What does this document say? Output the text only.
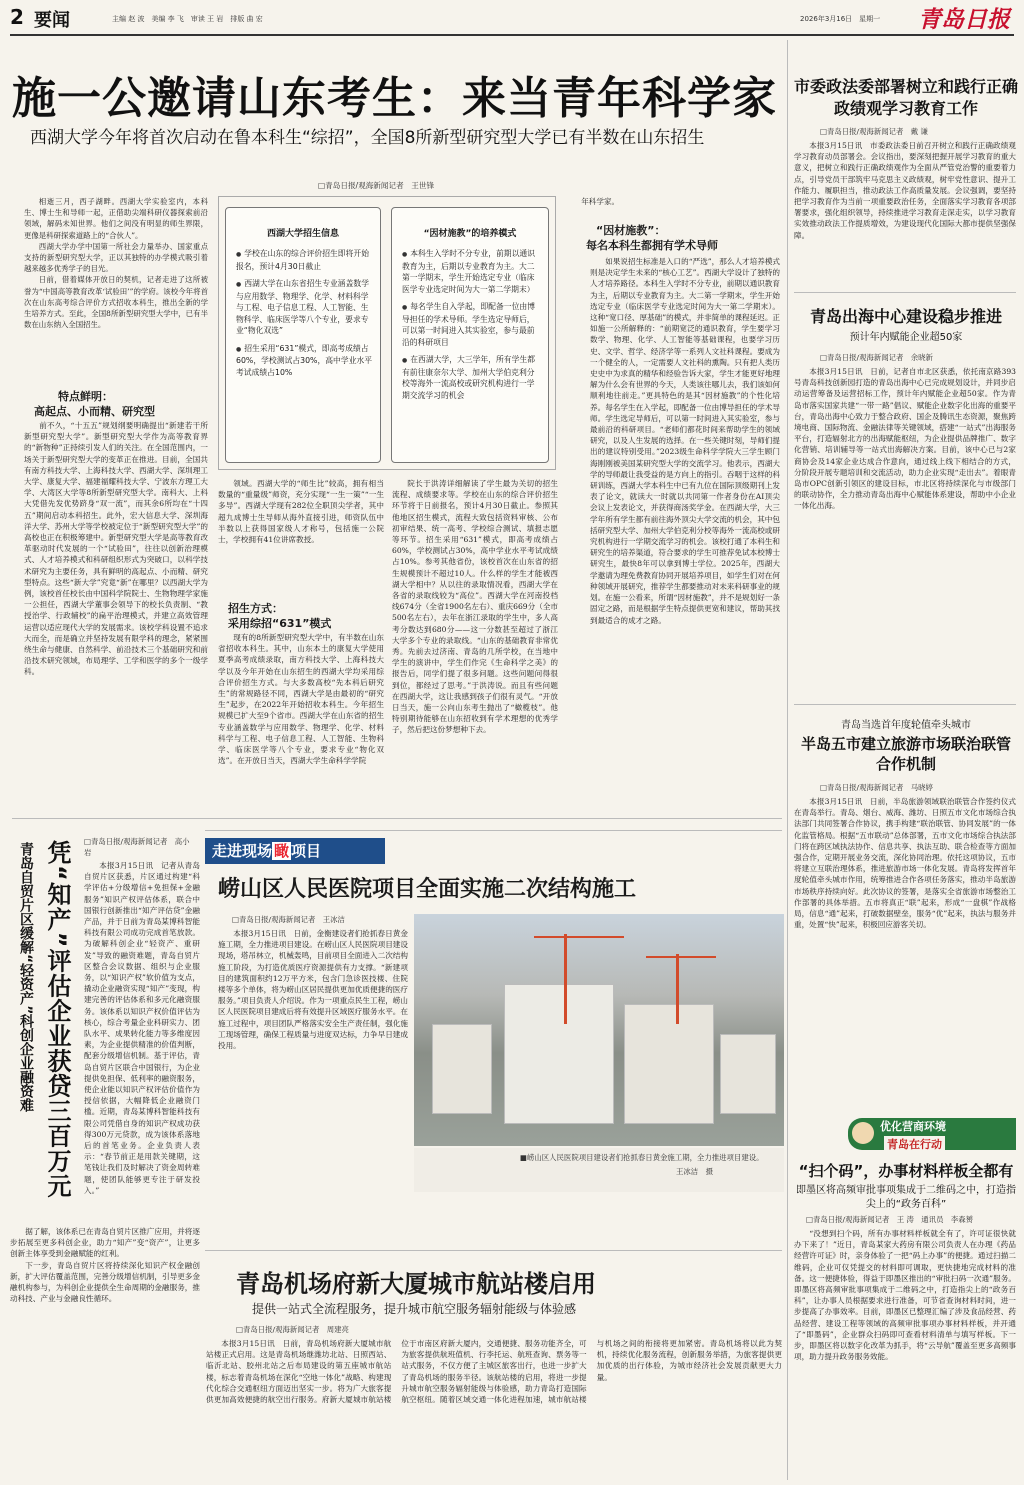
2 要闻	主编 赵 波　美编 李 飞　审读 王 岩　排版 曲 宏	2026年3月16日　星期一 青岛日报
施一公邀请山东考生：来当青年科学家
西湖大学今年将首次启动在鲁本科生“综招”，全国8所新型研究型大学已有半数在山东招生
□青岛日报/观海新闻记者　王世锋

相逝三月，西子湖畔。西湖大学实验室内，本科生、博士生和导师一起，正借助尖端科研仪器探索前沿领域，解码未知世界。他们之间没有明显的师生界限，更像是科研探索道路上的“合伙人”。

西湖大学办学中国第一所社会力量举办、国家重点支持的新型研究型大学，正以其独特的办学模式吸引着越来越多优秀学子的目光。

日前，借着媒体开放日的契机，记者走进了这所被誉为“中国高等教育改革‘试验田’”的学府。该校今年将首次在山东高考综合评价方式招收本科生，推出全新的学生培养方式。至此，全国8所新型研究型大学中，已有半数在山东纳入全国招生。

特点鲜明：
高起点、小而精、研究型

前不久，“十五五”规划纲要明确提出“新建若干所新型研究型大学”。新型研究型大学作为高等教育界的“新物种”正持续引发人们的关注。在全国范围内，一场关于新型研究型大学的变革正在推进。目前，全国共有南方科技大学、上海科技大学、西湖大学、深圳理工大学、康复大学、福建福耀科技大学、宁波东方理工大学、大湾区大学等8所新型研究型大学。南科大、上科大凭借先发优势跻身“双一流”，而其余6所均在“十四五”期间启动本科招生。此外，宏大信息大学、深圳海洋大学、苏州大学等学校被定位于“新型研究型大学”的高校也正在积极筹建中。新型研究型大学是高等教育改革驱动时代发展的一个“试验田”，往往以创新治理模式、人才培养模式和科研组织形式为突破口，以科学技术研究为主要任务，具有鲜明的高起点、小而精、研究型特点。这些“新大学”究竟“新”在哪里？以西湖大学为例，该校首任校长由中国科学院院士、生物物理学家施一公担任，西湖大学董事会领导下的校长负责制、“教授治学、行政辅校”的扁平治理模式，并建立高效管理运营以适应现代大学的发展需求。该校学科设置不追求大而全，而是确立并坚持发展有限学科的理念，紧紧围绕生命与健康、自然科学、前沿技术三个基础研究和前沿技术研究领域，布局理学、工学和医学的多个一级学科。

西湖大学招生信息
● 学校在山东的综合评价招生即将开始报名，预计4月30日截止
● 西湖大学在山东省招生专业涵盖数学与应用数学、物理学、化学、材料科学与工程、电子信息工程、人工智能、生物科学、临床医学等八个专业，要求专业“物化双选”
● 招生采用“631”模式，即高考成绩占60%，学校测试占30%，高中学业水平考试成绩占10%
“因材施教”的培养模式
● 本科生入学时不分专业，前期以通识教育为主，后期以专业教育为主。大二第一学期末，学生开始选定专业（临床医学专业选定时间为大一第二学期末）
● 每名学生自入学起，即配备一位由博导担任的学术导师。学生选定导师后，可以第一时间进入其实验室，参与最前沿的科研项目
● 在西湖大学，大三学年，所有学生都有前往康奈尔大学、加州大学伯克利分校等海外一流高校或研究机构进行一学期交流学习的机会

领域。西湖大学的“师生比”较高，拥有相当数量的“重量级”师资，充分实现“一生一策”“一生多导”。西湖大学现有282位全职顶尖学者，其中超九成博士生导师从海外直接引进，师资队伍中半数以上获得国家级人才称号，包括施一公院士，学校拥有41位讲席教授。

招生方式：
采用综招“631”模式

现有的8所新型研究型大学中，有半数在山东省招收本科生。其中，山东本土的康复大学使用夏季高考成绩录取，南方科技大学、上海科技大学以及今年开始在山东招生的西湖大学均采用综合评价招生方式。与大多数高校“先本科后研究生”的常规路径不同，西湖大学是由最初的“研究生”起步，在2022年开始招收本科生。今年招生规模已扩大至9个省市。西湖大学在山东省的招生专业涵盖数学与应用数学、物理学、化学、材料科学与工程、电子信息工程、人工智能、生物科学、临床医学等八个专业，要求专业“物化双选”。在开放日当天，西湖大学生命科学学院

院长于洪涛详细解读了学生最为关切的招生流程、成绩要求等。学校在山东的综合评价招生环节将于日前报名，预计4月30日截止。参照其他地区招生模式，流程大致包括资料审核、公布初审结果、统一高考、学校综合测试、填报志愿等环节。招生采用“631”模式，即高考成绩占60%，学校测试占30%，高中学业水平考试成绩占10%。参考其他省份，该校首次在山东省的招生规模预计不超过10人。什么样的学生才能被西湖大学相中？从以往的录取情况看，西湖大学在各省的录取线较为“高位”。西湖大学在河南投档线674分（全省1900名左右）、重庆669分（全市500名左右），去年在浙江录取的学生中，多人高考分数达到680分——这一分数甚至超过了浙江大学多个专业的录取线。“山东的基础教育非常优秀。先前去过济南、青岛的几所学校，在当地中学生的演讲中，学生们作完《生命科学之美》的报告后，同学们提了很多问题。这些问题问得很到位，都经过了思考。”于洪涛说。而且有些问题在西湖大学，这让我感到孩子们很有灵气。“开放日当天，施一公向山东考生抛出了“橄榄枝”。他特别期待能够在山东招收到有学术理想的优秀学子，然后把这份梦想种下去。

年科学家。

“因材施教”：
每名本科生都拥有学术导师

如果说招生标准是入口的“严选”，那么人才培养模式则是决定学生未来的“核心工艺”。西湖大学设计了独特的人才培养路径。本科生入学时不分专业，前期以通识教育为主，后期以专业教育为主。大二第一学期末，学生开始选定专业（临床医学专业选定时间为大一第二学期末）。这种“宽口径、厚基础”的模式，并非简单的课程延迟。正如施一公所解释的：“前期宽泛的通识教育，学生要学习数学、物理、化学、人工智能等基础课程，也要学习历史、文学、哲学、经济学等一系列人文社科课程。要成为一个健全的人，一定需要人文社科的熏陶。只有把人类历史史中为求真的精华和经验告诉大家，学生才能更好地理解为什么会有世界的今天，人类该往哪儿去，我们该如何顺利地往前走。”更具特色的是其“因材施教”的个性化培养。每名学生在入学起，即配备一位由博导担任的学术导师。学生选定导师后，可以第一时间进入其实验室，参与最前沿的科研项目。“老师们都花时间来帮助学生的领域研究，以及人生发展的选择。在一些关键时刻，导师们提出的建议特别受用。”2023级生命科学学院大三学生顾门海刚刚被美国某研究型大学的交流学习。他表示，西湖大学的导师最让我受益的是方向上的指引。吞咽于这样的科研训练，西湖大学本科生中已有九位在国际顶级期刊上发表了论文，就读大一时就以共同第一作者身份在AI顶尖会议上发表论文，并获得商汤奖学金。在西湖大学，大三学年所有学生都有前往海外顶尖大学交流的机会，其中包括研究型大学、加州大学伯克利分校等海外一流高校或研究机构进行一学期交流学习的机会。该校打通了本科生和研究生的培养渠道，符合要求的学生可推荐免试本校博士研究生，最快8年可以拿到博士学位。2025年，西湖大学邀请为理免费教育协同开展培养项目，如学生们对在何种领域开展研究，推荐学生都要推动对未来科研事业的规划。在施一公看来，所谓“因材施教”，并不是规划好一条固定之路，而是根据学生特点提供更宽和建议，帮助其找到最适合的成才之路。

市委政法委部署树立和践行正确政绩观学习教育工作
□青岛日报/观海新闻记者　戴 谦

本报3月15日讯　市委政法委日前召开树立和践行正确政绩观学习教育动员部署会。会议指出，要深刻把握开展学习教育的重大意义，把树立和践行正确政绩观作为全面从严管党治警的重要着力点，引导党员干部筑牢马克思主义政绩观，树牢党性意识、提升工作能力、履职担当，推动政法工作高质量发展。会议强调，要坚持把学习教育作为当前一项重要政治任务，全面落实学习教育各项部署要求，强化组织领导，持续推进学习教育走深走实，以学习教育实效推动政法工作提质增效，为建设现代化国际大都市提供坚强保障。

青岛出海中心建设稳步推进
预计年内赋能企业超50家
□青岛日报/观海新闻记者　余晓新

本报3月15日讯　日前，记者自市北区获悉，依托南京路393号青岛科技创新园打造的青岛出海中心已完成规划设计，并同步启动运营筹备及运营招标工作，预计年内赋能企业超50家。作为青岛市落实国家共建“一带一路”倡议、赋能企业数字化出海的重要平台，青岛出海中心致力于整合政府、国企及腾讯生态资源，聚焦跨境电商、国际物流、金融法律等关键领域，搭建“一站式”出海服务平台，打造辐射北方的出海赋能枢纽，为企业提供品牌推广、数字化营销、培训辅导等一站式出海解决方案。目前，该中心已与2家商协会及14家企业达成合作意向，通过线上线下相结合的方式，分阶段开展专题培训和交流活动，助力企业实现“走出去”。着眼青岛市OPC创新引领区的建设目标，市北区将持续深化与市级部门的联动协作，全力推动青岛出海中心赋能体系建设，帮助中小企业一体化出海。

青岛当选首年度轮值牵头城市
半岛五市建立旅游市场联治联管合作机制
□青岛日报/观海新闻记者　马晓婷

本报3月15日讯　日前，半岛旅游领域联治联管合作签约仪式在青岛举行。青岛、烟台、威海、潍坊、日照五市文化市场综合执法部门共同签署合作协议，携手构建“联治联管、协同发展”的一体化监管格局。根据“五市联动”总体部署，五市文化市场综合执法部门将在跨区域执法协作、信息共享、执法互助、联合检查等方面加强合作，定期开展业务交流，深化协同治理。依托这项协议，五市将建立互联治理体系，推进旅游市场一体化发展。青岛将发挥首年度轮值牵头城市作用，统筹推进合作各项任务落实，推动半岛旅游市场秩序持续向好。此次协议的签署，是落实全省旅游市场整治工作部署的具体举措。五市将真正“联”起来，形成“一盘棋”作战格局，信息“通”起来，打破数据壁垒，服务“优”起来，执法与服务并重，处置“快”起来，积极回应游客关切。

优化营商环境
青岛在行动
“扫个码”，办事材料样板全都有
即墨区将高频审批事项集成于二维码之中，打造指尖上的“政务百科”
□青岛日报/观海新闻记者　王 涛　通讯员　李森赟

“没想到扫个码，所有办事材料样板就全有了，许可证很快就办下来了！”近日，青岛某家大药房有限公司负责人在办理《药品经营许可证》时，亲身体验了一把“码上办事”的便捷。通过扫描二维码，企业可仅凭提交的材料即可调取，更快捷地完成材料的准备。这一便捷体验，得益于即墨区推出的“审批扫码一次通”服务。即墨区将高频审批事项集成于二维码之中，打造指尖上的“政务百科”，让办事人员根据要求进行准备，可节省查询材料时间，进一步提高了办事效率。目前，即墨区已整理汇编了涉及食品经营、药品经营、建设工程等领域的高频审批事项办事材料样板，并开通了“即墨码”，企业群众扫码即可查看材料清单与填写样板。下一步，即墨区将以数字化改革为抓手，将“云导航”覆盖至更多高频事项，助力提升政务服务效能。

凭“知产”评估企业获贷三百万元
青岛自贸片区缓解“轻资产”科创企业融资难
□青岛日报/观海新闻记者　高小岩

本报3月15日讯　记者从青岛自贸片区获悉，片区通过构建“科学评估+分级增信+免担保+金融服务”知识产权评估体系，联合中国银行创新推出“知产评估贷”金融产品，并于日前为青岛某博科智能科技有限公司成功完成首笔放款。为破解科创企业“轻资产、重研发”导致的融资难题，青岛自贸片区整合会议数据、组织与企业服务，以“知识产权”软价值为支点，撬动企业融资实现“知产”变现，构建完善的评估体系和多元化融资服务。该体系以知识产权价值评估为核心，综合考量企业科研实力、团队水平、成果转化能力等多维度因素，为企业提供精准的价值判断，配套分级增信机制。基于评估，青岛自贸片区联合中国银行，为企业提供免担保、低利率的融资服务，使企业能以知识产权评估价值作为授信依据，大幅降低企业融资门槛。近期，青岛某博科智能科技有限公司凭借自身的知识产权成功获得300万元贷款，成为该体系落地后的首笔业务。企业负责人表示：“春节前正是用款关键期，这笔钱让我们及时解决了资金周转难题，使团队能够更专注于研发投入。”

据了解，该体系已在青岛自贸片区推广应用，并将逐步拓展至更多科创企业，助力“知产”变“资产”，让更多创新主体享受到金融赋能的红利。

下一步，青岛自贸片区将持续深化知识产权金融创新，扩大评估覆盖范围，完善分级增信机制，引导更多金融机构参与，为科创企业提供全生命周期的金融服务，推动科技、产业与金融良性循环。

走进现场 瞰 项目
崂山区人民医院项目全面实施二次结构施工
□青岛日报/观海新闻记者　王冰洁

本报3月15日讯　日前，金衡建设者们抢抓春日黄金施工期，全力推进项目建设。在崂山区人民医院项目建设现场，塔吊林立，机械轰鸣，目前项目全面进入二次结构施工阶段，为打造优质医疗资源提供有力支撑。“新建项目的建筑面积约12万平方米，包含门急诊医技楼、住院楼等多个单体，将为崂山区居民提供更加优质便捷的医疗服务。”项目负责人介绍说。作为一项重点民生工程，崂山区人民医院项目建成后将有效提升区域医疗服务水平。在施工过程中，项目团队严格落实安全生产责任制，强化施工现场管理，确保工程质量与进度双达标，力争早日建成投用。

■崂山区人民医院项目建设者们抢抓春日黄金施工期，全力推进项目建设。
王冰洁　摄
青岛机场府新大厦城市航站楼启用
提供一站式全流程服务，提升城市航空服务辐射能级与体验感
□青岛日报/观海新闻记者　周建亮

本报3月15日讯　日前，青岛机场府新大厦城市航站楼正式启用。这是青岛机场继潍坊北站、日照西站、临沂北站、胶州北站之后布局建设的第五座城市航站楼，标志着青岛机场在深化“空地一体化”战略、构建现代化综合交通枢纽方面迈出坚实一步。将为广大旅客提供更加高效便捷的航空出行服务。府新大厦城市航站楼位于市南区府新大厦内，交通便捷、服务功能齐全，可为旅客提供航班值机、行李托运、航班查询、票务等一站式服务，不仅方便了主城区旅客出行，也进一步扩大了青岛机场的服务半径。该航站楼的启用，将进一步提升城市航空服务辐射能级与体验感，助力青岛打造国际航空枢纽。随着区域交通一体化进程加速，城市航站楼与机场之间的衔接将更加紧密。青岛机场将以此为契机，持续优化服务流程，创新服务举措，为旅客提供更加优质的出行体验，为城市经济社会发展贡献更大力量。
